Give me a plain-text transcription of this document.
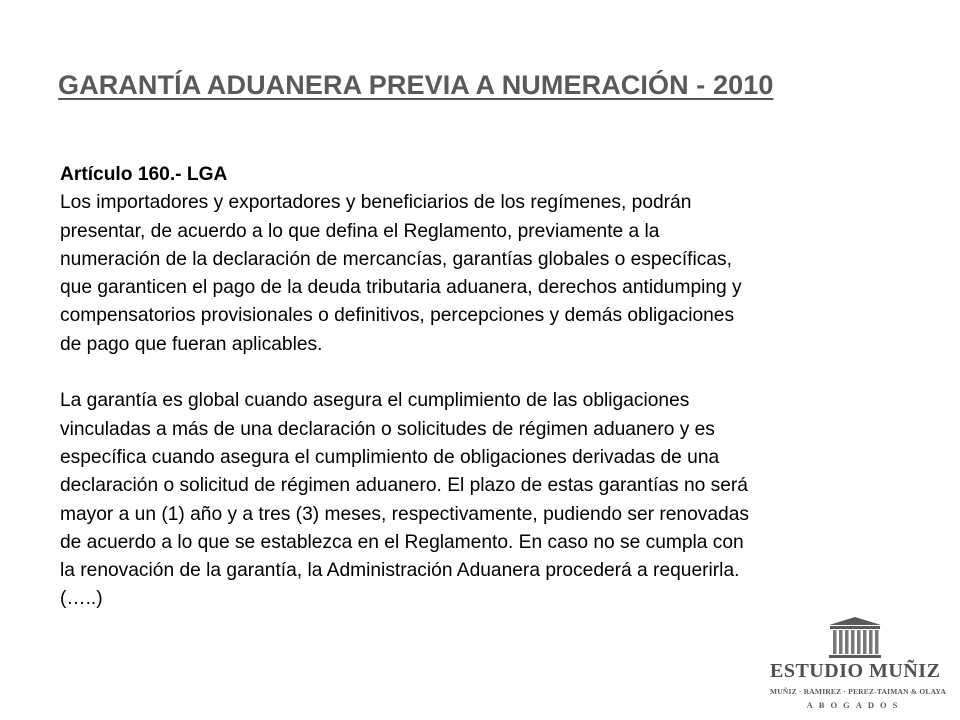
GARANTÍA ADUANERA PREVIA A NUMERACIÓN - 2010

Artículo 160.- LGA

Los importadores y exportadores y beneficiarios de los regímenes, podrán

presentar, de acuerdo a lo que defina el Reglamento, previamente a la

numeración de la declaración de mercancías, garantías globales o específicas,

que garanticen el pago de la deuda tributaria aduanera, derechos antidumping y

compensatorios provisionales o definitivos, percepciones y demás obligaciones

de pago que fueran aplicables.

La garantía es global cuando asegura el cumplimiento de las obligaciones

vinculadas a más de una declaración o solicitudes de régimen aduanero y es

específica cuando asegura el cumplimiento de obligaciones derivadas de una

declaración o solicitud de régimen aduanero. El plazo de estas garantías no será

mayor a un (1) año y a tres (3) meses, respectivamente, pudiendo ser renovadas

de acuerdo a lo que se establezca en el Reglamento. En caso no se cumpla con

la renovación de la garantía, la Administración Aduanera procederá a requerirla.

(…..)

ESTUDIO MUÑIZ
MUÑIZ · RAMIREZ · PEREZ-TAIMAN & OLAYA
ABOGADOS
